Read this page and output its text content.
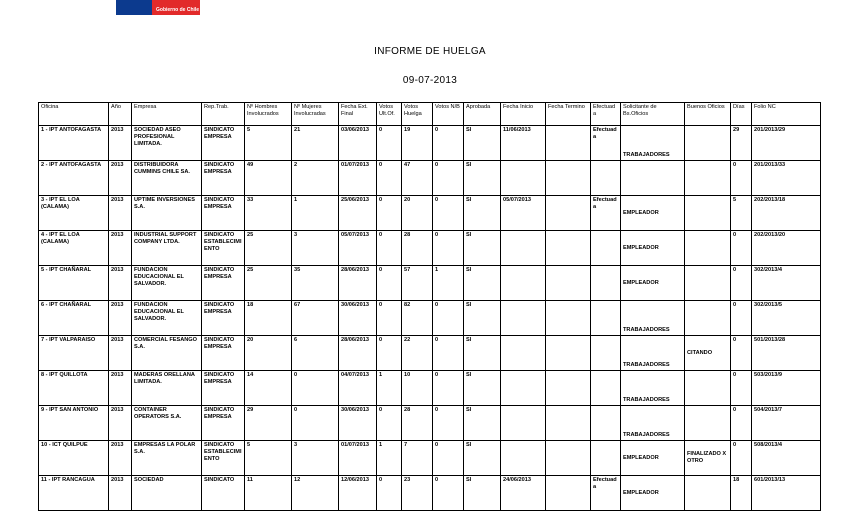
Gobierno de Chile
INFORME DE HUELGA
09-07-2013
Oficina	Año	Empresa	Rep.Trab.	Nº Hombres Involucrados	Nº Mujeres Involucradas	Fecha Ext. Final	Votos Ult.Of.	Votos Huelga	Votos N/B	Aprobada	Fecha Inicio	Fecha Termino	Efectuada	Solicitante de Bs.Oficios	Buenos Oficios	Días	Folio NC
1 - IPT ANTOFAGASTA	2013	SOCIEDAD ASEO PROFESIONAL LIMITADA.	SINDICATO EMPRESA	5	21	03/06/2013	0	19	0	SI	11/06/2013		Efectuada	TRABAJADORES		29	201/2013/29
2 - IPT ANTOFAGASTA	2013	DISTRIBUIDORA CUMMINS CHILE SA.	SINDICATO EMPRESA	49	2	01/07/2013	0	47	0	SI						0	201/2013/33
3 - IPT EL LOA (CALAMA)	2013	UPTIME INVERSIONES S.A.	SINDICATO EMPRESA	33	1	25/06/2013	0	20	0	SI	05/07/2013		Efectuada	EMPLEADOR		5	202/2013/18
4 - IPT EL LOA (CALAMA)	2013	INDUSTRIAL SUPPORT COMPANY LTDA.	SINDICATO ESTABLECIMIENTO	25	3	05/07/2013	0	28	0	SI				EMPLEADOR		0	202/2013/20
5 - IPT CHAÑARAL	2013	FUNDACION EDUCACIONAL EL SALVADOR.	SINDICATO EMPRESA	25	35	28/06/2013	0	57	1	SI				EMPLEADOR		0	302/2013/4
6 - IPT CHAÑARAL	2013	FUNDACION EDUCACIONAL EL SALVADOR.	SINDICATO EMPRESA	18	67	30/06/2013	0	82	0	SI				TRABAJADORES		0	302/2013/5
7 - IPT VALPARAISO	2013	COMERCIAL FESANGO S.A.	SINDICATO EMPRESA	20	6	28/06/2013	0	22	0	SI				TRABAJADORES	CITANDO	0	501/2013/28
8 - IPT QUILLOTA	2013	MADERAS ORELLANA LIMITADA.	SINDICATO EMPRESA	14	0	04/07/2013	1	10	0	SI				TRABAJADORES		0	503/2013/9
9 - IPT SAN ANTONIO	2013	CONTAINER OPERATORS S.A.	SINDICATO EMPRESA	29	0	30/06/2013	0	28	0	SI				TRABAJADORES		0	504/2013/7
10 - ICT QUILPUE	2013	EMPRESAS LA POLAR S.A.	SINDICATO ESTABLECIMIENTO	5	3	01/07/2013	1	7	0	SI				EMPLEADOR	FINALIZADO X OTRO	0	508/2013/4
11 - IPT RANCAGUA	2013	SOCIEDAD	SINDICATO	11	12	12/06/2013	0	23	0	SI	24/06/2013		Efectuada	EMPLEADOR		18	601/2013/13
